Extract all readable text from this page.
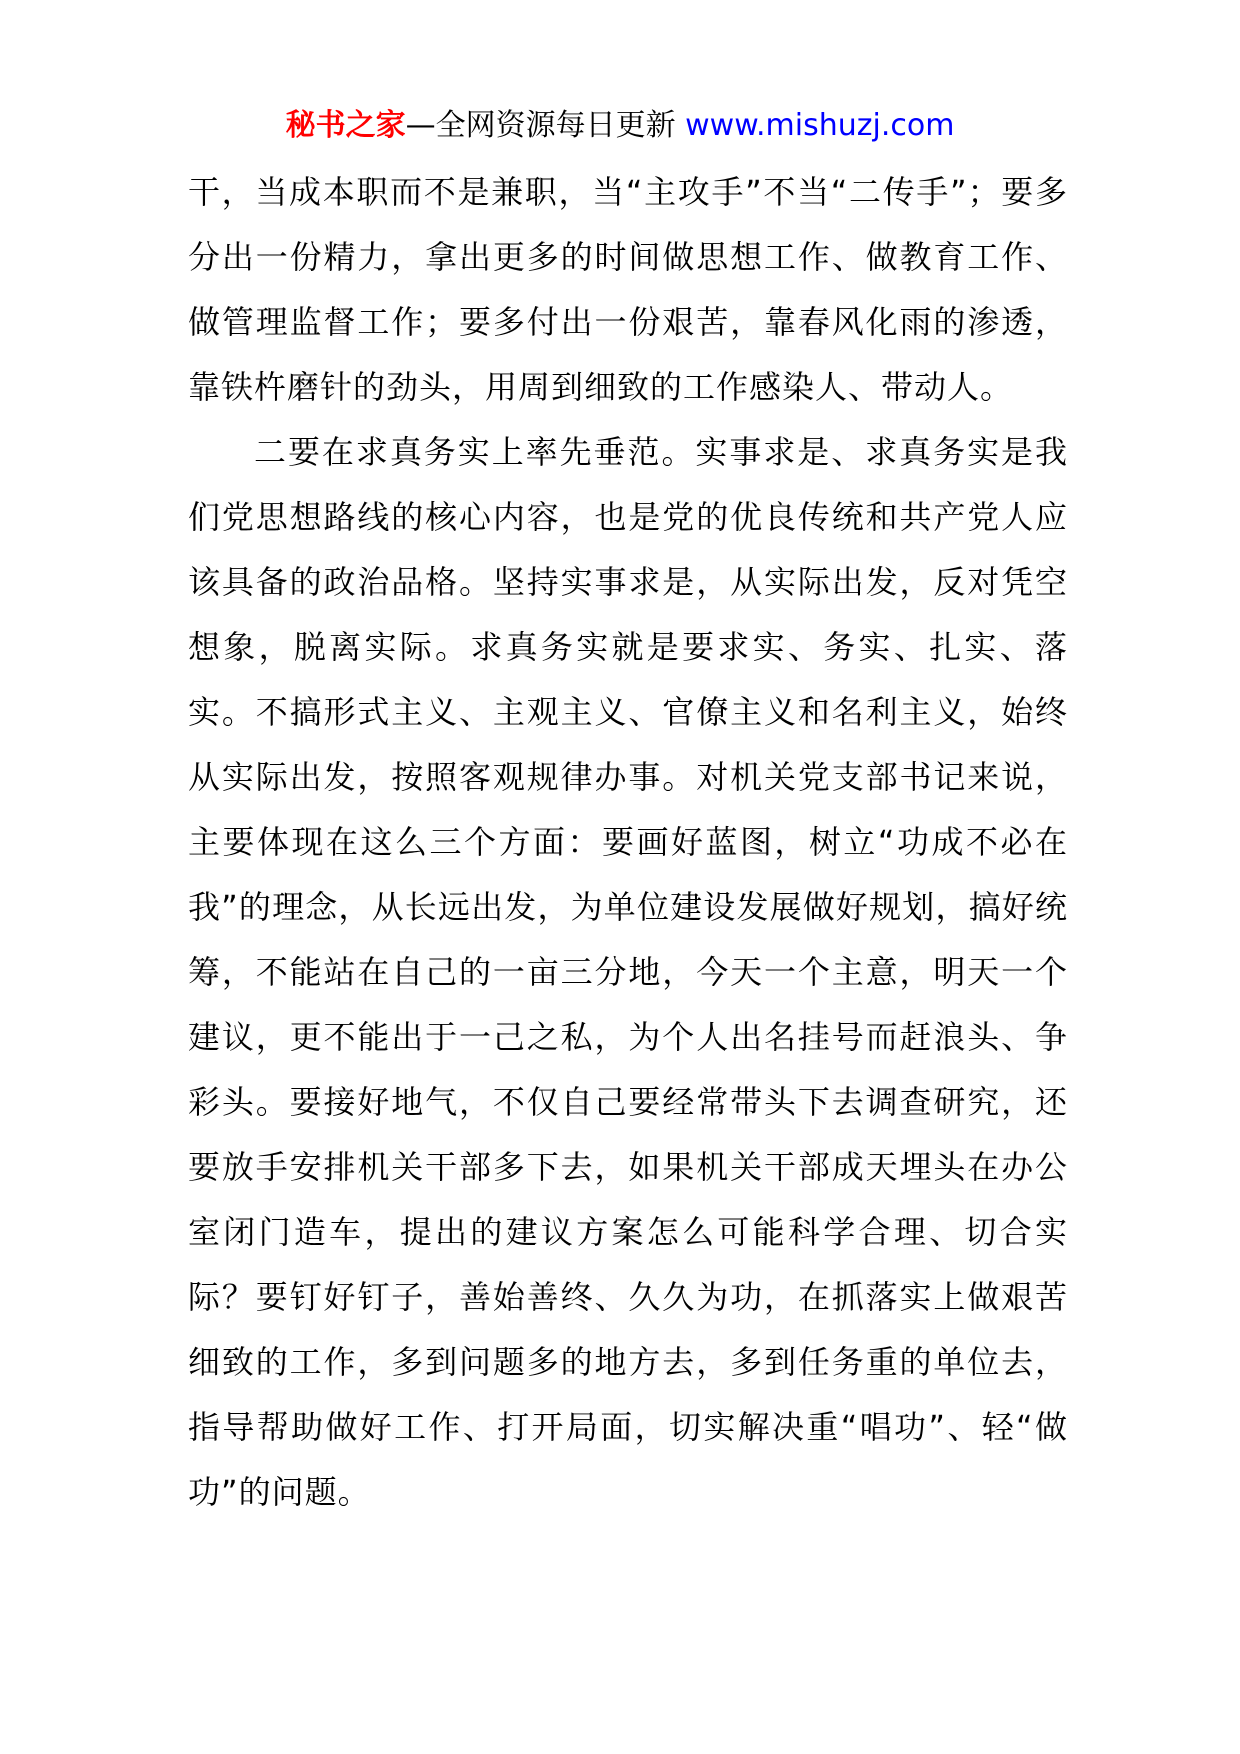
秘书之家—全网资源每日更新 www.mishuzj.com

干，当成本职而不是兼职，当“主攻手”不当“二传手”；要多分出一份精力，拿出更多的时间做思想工作、做教育工作、做管理监督工作；要多付出一份艰苦，靠春风化雨的渗透，靠铁杵磨针的劲头，用周到细致的工作感染人、带动人。

二要在求真务实上率先垂范。实事求是、求真务实是我们党思想路线的核心内容，也是党的优良传统和共产党人应该具备的政治品格。坚持实事求是，从实际出发，反对凭空想象，脱离实际。求真务实就是要求实、务实、扎实、落实。不搞形式主义、主观主义、官僚主义和名利主义，始终从实际出发，按照客观规律办事。对机关党支部书记来说，主要体现在这么三个方面：要画好蓝图，树立“功成不必在我”的理念，从长远出发，为单位建设发展做好规划，搞好统筹，不能站在自己的一亩三分地，今天一个主意，明天一个建议，更不能出于一己之私，为个人出名挂号而赶浪头、争彩头。要接好地气，不仅自己要经常带头下去调查研究，还要放手安排机关干部多下去，如果机关干部成天埋头在办公室闭门造车，提出的建议方案怎么可能科学合理、切合实际？要钉好钉子，善始善终、久久为功，在抓落实上做艰苦细致的工作，多到问题多的地方去，多到任务重的单位去，指导帮助做好工作、打开局面，切实解决重“唱功”、轻“做功”的问题。
